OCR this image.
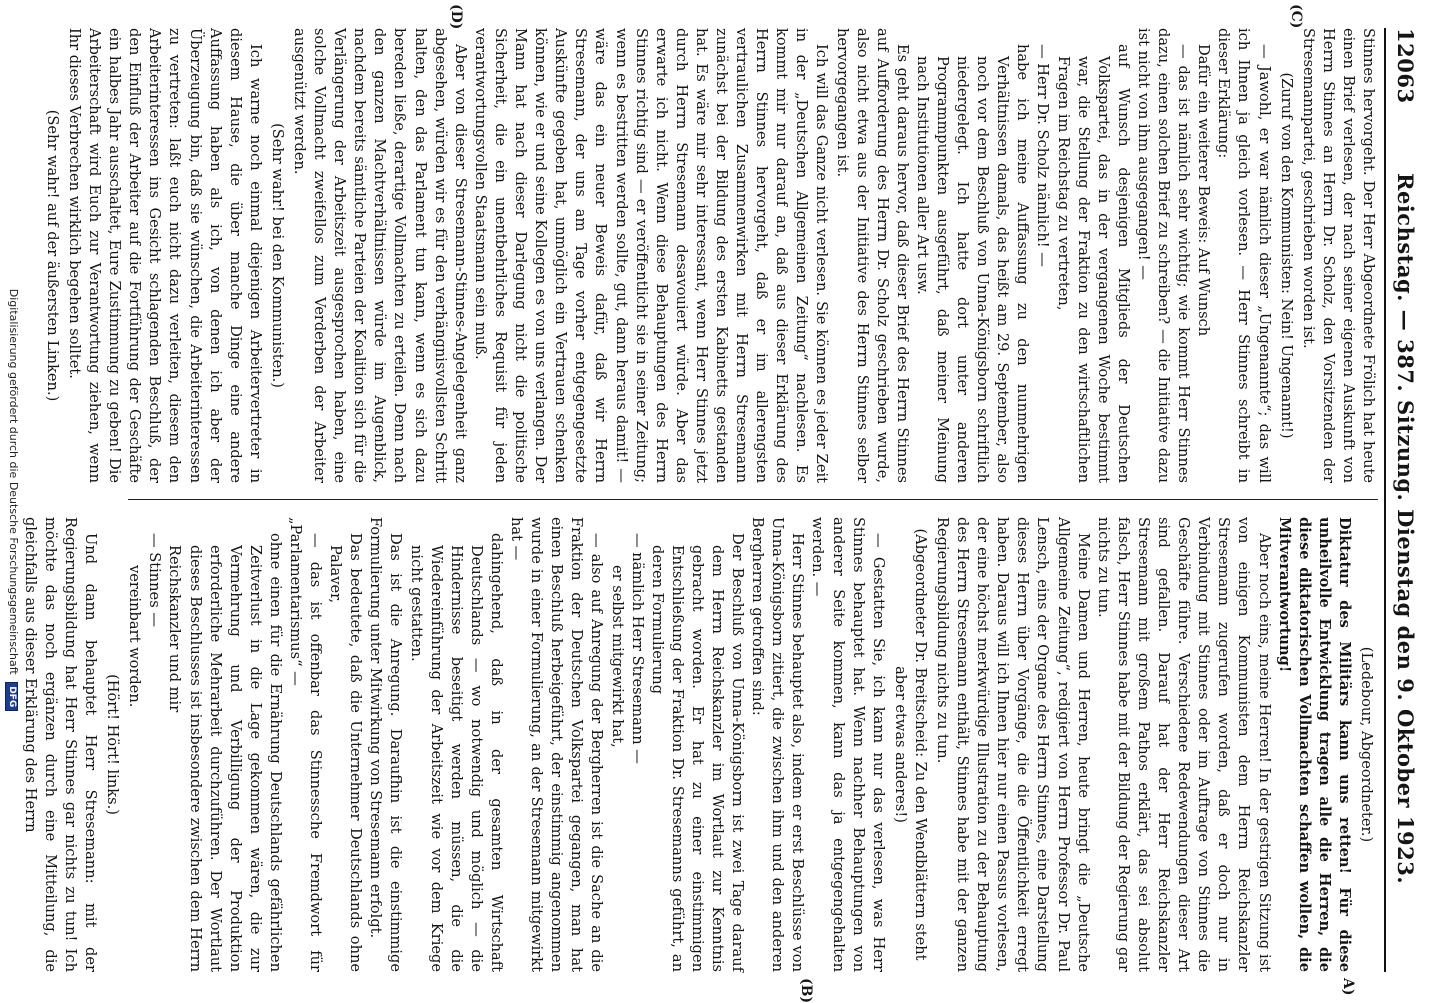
12063
Reichstag. — 387. Sitzung. Dienstag den 9. Oktober 1923.
(C)
(D)
A)
(B)

Stinnes hervorgeht. Der Herr Abgeordnete Frölich hat heute einen Brief verlesen, der nach seiner eigenen Auskunft von Herrn Stinnes an Herrn Dr. Scholz, den Vorsitzenden der Stresemannpartei, geschrieben worden ist.

(Zuruf von den Kommunisten: Nein! Ungenannt!)

— Jawohl, er war nämlich dieser „Ungenannte“; das will ich Ihnen ja gleich vorlesen. — Herr Stinnes schreibt in dieser Erklärung:

Dafür ein weiterer Beweis: Auf Wunsch

— das ist nämlich sehr wichtig; wie kommt Herr Stinnes dazu, einen solchen Brief zu schreiben? — die Initiative dazu ist nicht von ihm ausgegangen! —

auf Wunsch desjenigen Mitglieds der Deutschen Volkspartei, das in der vergangenen Woche bestimmt war, die Stellung der Fraktion zu den wirtschaftlichen Fragen im Reichstag zu vertreten,

— Herr Dr. Scholz nämlich! —

habe ich meine Auffassung zu den nunmehrigen Verhältnissen damals, das heißt am 29. September, also noch vor dem Beschluß von Unna-Königsborn schriftlich niedergelegt. Ich hatte dort unter anderen Programmpunkten ausgeführt, daß meiner Meinung nach Institutionen aller Art usw.

Es geht daraus hervor, daß dieser Brief des Herrn Stinnes auf Aufforderung des Herrn Dr. Scholz geschrieben wurde, also nicht etwa aus der Initiative des Herrn Stinnes selber hervorgegangen ist.

Ich will das Ganze nicht verlesen. Sie können es jeder Zeit in der „Deutschen Allgemeinen Zeitung“ nachlesen. Es kommt mir nur darauf an, daß aus dieser Erklärung des Herrn Stinnes hervorgeht, daß er im allerengsten vertraulichen Zusammenwirken mit Herrn Stresemann zunächst bei der Bildung des ersten Kabinetts gestanden hat. Es wäre mir sehr interessant, wenn Herr Stinnes jetzt durch Herrn Stresemann desavouiert würde. Aber das erwarte ich nicht. Wenn diese Behauptungen des Herrn Stinnes richtig sind — er veröffentlicht sie in seiner Zeitung; wenn es bestritten werden sollte, gut, dann heraus damit! — wäre das ein neuer Beweis dafür, daß wir Herrn Stresemann, der uns am Tage vorher entgegengesetzte Auskünfte gegeben hat, unmöglich ein Vertrauen schenken können, wie er und seine Kollegen es von uns verlangen. Der Mann hat nach dieser Darlegung nicht die politische Sicherheit, die ein unentbehrliches Requisit für jeden verantwortungsvollen Staatsmann sein muß.

Aber von dieser Stresemann-Stinnes-Angelegenheit ganz abgesehen, würden wir es für den verhängnisvollsten Schritt halten, den das Parlament tun kann, wenn es sich dazu bereden ließe, derartige Vollmachten zu erteilen. Denn nach den ganzen Machtverhältnissen würde im Augenblick, nachdem bereits sämtliche Parteien der Koalition sich für die Verlängerung der Arbeitszeit ausgesprochen haben, eine solche Vollmacht zweifellos zum Verderben der Arbeiter ausgenützt werden.

(Sehr wahr! bei den Kommunisten.)

Ich warne noch einmal diejenigen Arbeitervertreter in diesem Hause, die über manche Dinge eine andere Auffassung haben als ich, von denen ich aber der Überzeugung bin, daß sie wünschen, die Arbeiterinteressen zu vertreten: laßt euch nicht dazu verleiten, diesem den Arbeiterinteressen ins Gesicht schlagenden Beschluß, der den Einfluß der Arbeiter auf die Fortführung der Geschäfte ein halbes Jahr ausschaltet, Eure Zustimmung zu geben! Die Arbeiterschaft wird Euch zur Verantwortung ziehen, wenn Ihr dieses Verbrechen wirklich begehen solltet.

(Sehr wahr! auf der äußersten Linken.)

(Ledebour, Abgeordneter.)

Diktatur des Militärs kann uns retten! Für diese unheilvolle Entwicklung tragen alle die Herren, die diese diktatorischen Vollmachten schaffen wollen, die Mitverantwortung!

Aber noch eins, meine Herren! In der gestrigen Sitzung ist von einigen Kommunisten dem Herrn Reichskanzler Stresemann zugerufen worden, daß er doch nur in Verbindung mit Stinnes oder im Auftrage von Stinnes die Geschäfte führe. Verschiedene Redewendungen dieser Art sind gefallen. Darauf hat der Herr Reichskanzler Stresemann mit großem Pathos erklärt, das sei absolut falsch, Herr Stinnes habe mit der Bildung der Regierung gar nichts zu tun.

Meine Damen und Herren, heute bringt die „Deutsche Allgemeine Zeitung“, redigiert von Herrn Professor Dr. Paul Lensch, eins der Organe des Herrn Stinnes, eine Darstellung dieses Herrn über Vorgänge, die die Öffentlichkeit erregt haben. Daraus will ich Ihnen hier nur einen Passus vorlesen, der eine höchst merkwürdige Illustration zu der Behauptung des Herrn Stresemann enthält, Stinnes habe mit der ganzen Regierungsbildung nichts zu tun.

(Abgeordneter Dr. Breitscheid: Zu den Wendblättern steht aber etwas anderes!)

— Gestatten Sie, ich kann nur das verlesen, was Herr Stinnes behauptet hat. Wenn nachher Behauptungen von anderer Seite kommen, kann das ja entgegengehalten werden. —

Herr Stinnes behauptet also, indem er erst Beschlüsse von Unna-Königsborn zitiert, die zwischen ihm und den anderen Bergherren getroffen sind:

Der Beschluß von Unna-Königsborn ist zwei Tage darauf dem Herrn Reichskanzler im Wortlaut zur Kenntnis gebracht worden. Er hat zu einer einstimmigen Entschließung der Fraktion Dr. Stresemanns geführt, an deren Formulierung

— nämlich Herr Stresemann —

er selbst mitgewirkt hat,

— also auf Anregung der Bergherren ist die Sache an die Fraktion der Deutschen Volkspartei gegangen, man hat einen Beschluß herbeigeführt, der einstimmig angenommen wurde in einer Formulierung, an der Stresemann mitgewirkt hat —

dahingehend, daß in der gesamten Wirtschaft Deutschlands — wo notwendig und möglich — die Hindernisse beseitigt werden müssen, die die Wiedereinführung der Arbeitszeit wie vor dem Kriege nicht gestatten.

Das ist die Anregung. Daraufhin ist die einstimmige Formulierung unter Mitwirkung von Stresemann erfolgt.

Das bedeutete, daß die Unternehmer Deutschlands ohne Palaver,

— das ist offenbar das Stinnessche Fremdwort für „Parlamentarismus“ —

ohne einen für die Ernährung Deutschlands gefährlichen Zeitverlust in die Lage gekommen wären, die zur Vermehrung und Verbilligung der Produktion erforderliche Mehrarbeit durchzuführen. Der Wortlaut dieses Beschlusses ist insbesondere zwischen dem Herrn Reichskanzler und mir

— Stinnes —

vereinbart worden.

(Hört! Hört! links.)

Und dann behauptet Herr Stresemann: mit der Regierungsbildung hat Herr Stinnes gar nichts zu tun! Ich möchte das noch ergänzen durch eine Mitteilung, die gleichfalls aus dieser Erklärung des Herrn

Digitalisierung gefördert durch die Deutsche Forschungsgemeinschaft DFG
